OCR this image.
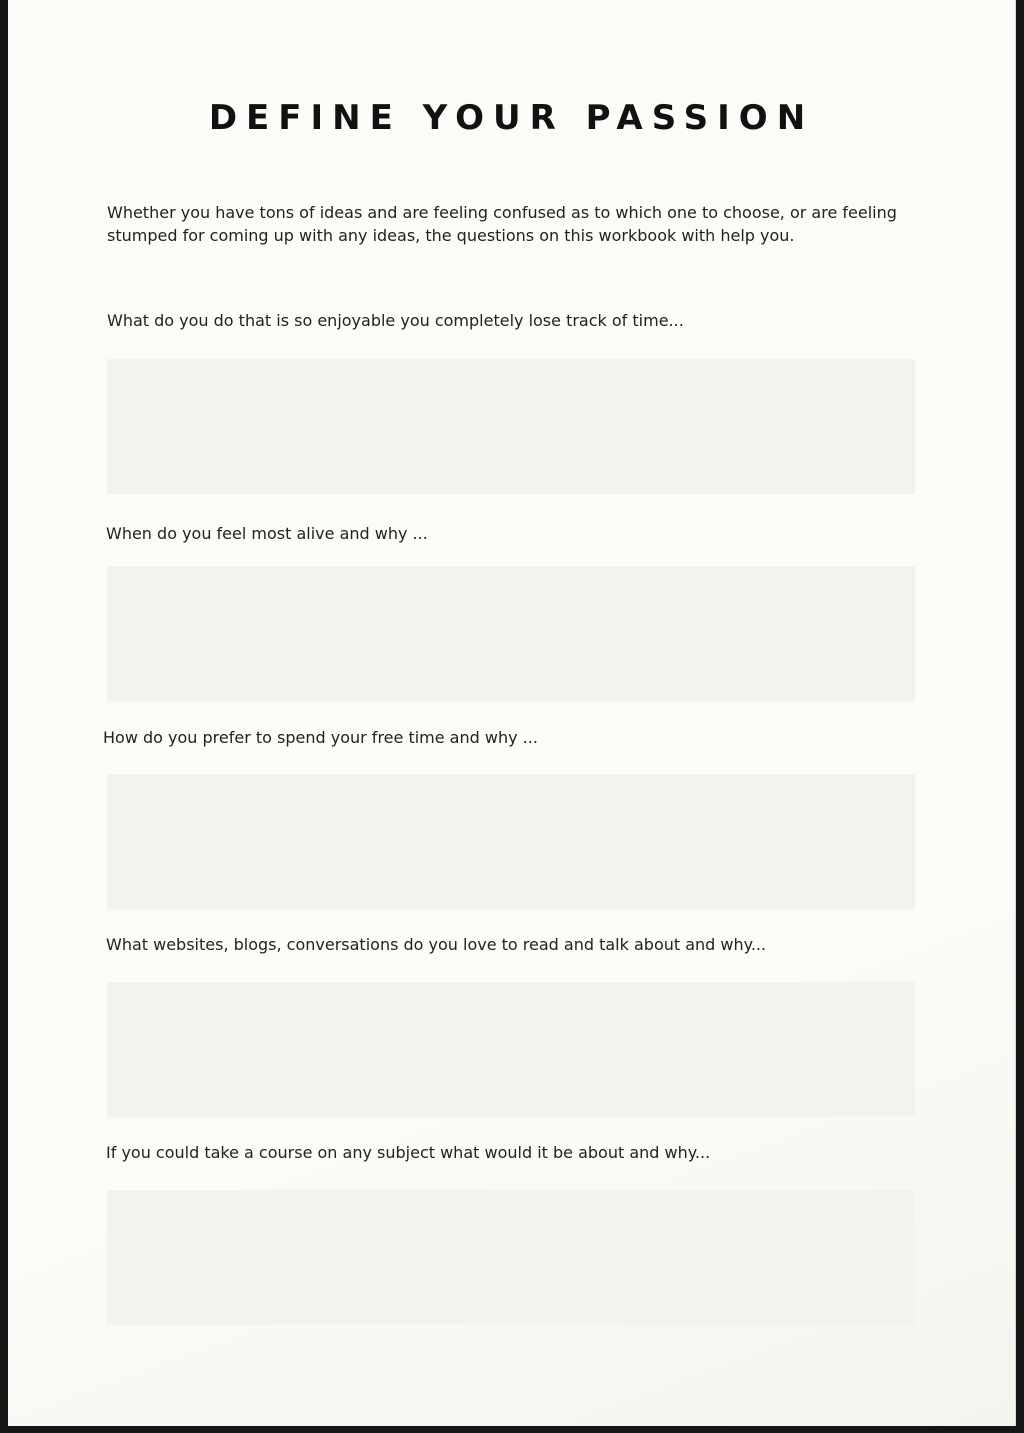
DEFINE YOUR PASSION

Whether you have tons of ideas and are feeling confused as to which one to choose, or are feeling stumped for coming up with any ideas, the questions on this workbook with help you.

What do you do that is so enjoyable you completely lose track of time...

When do you feel most alive and why ...

How do you prefer to spend your free time and why ...

What websites, blogs, conversations do you love to read and talk about and why...

If you could take a course on any subject what would it be about and why...
